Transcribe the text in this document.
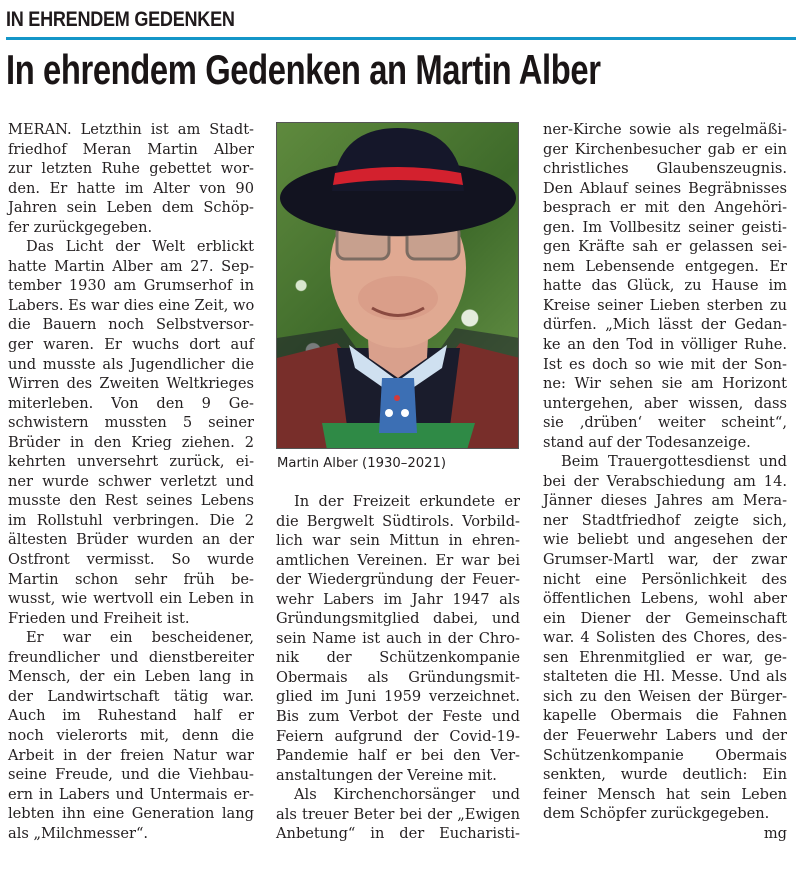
IN EHRENDEM GEDENKEN
In ehrendem Gedenken an Martin Alber
MERAN. Letzthin ist am Stadt-
friedhof Meran Martin Alber
zur letzten Ruhe gebettet wor-
den. Er hatte im Alter von 90
Jahren sein Leben dem Schöp-
fer zurückgegeben.
Das Licht der Welt erblickt
hatte Martin Alber am 27. Sep-
tember 1930 am Grumserhof in
Labers. Es war dies eine Zeit, wo
die Bauern noch Selbstversor-
ger waren. Er wuchs dort auf
und musste als Jugendlicher die
Wirren des Zweiten Weltkrieges
miterleben. Von den 9 Ge-
schwistern mussten 5 seiner
Brüder in den Krieg ziehen. 2
kehrten unversehrt zurück, ei-
ner wurde schwer verletzt und
musste den Rest seines Lebens
im Rollstuhl verbringen. Die 2
ältesten Brüder wurden an der
Ostfront vermisst. So wurde
Martin schon sehr früh be-
wusst, wie wertvoll ein Leben in
Frieden und Freiheit ist.
Er war ein bescheidener,
freundlicher und dienstbereiter
Mensch, der ein Leben lang in
der Landwirtschaft tätig war.
Auch im Ruhestand half er
noch vielerorts mit, denn die
Arbeit in der freien Natur war
seine Freude, und die Viehbau-
ern in Labers und Untermais er-
lebten ihn eine Generation lang
als „Milchmesser“.
Martin Alber (1930–2021)
In der Freizeit erkundete er
die Bergwelt Südtirols. Vorbild-
lich war sein Mittun in ehren-
amtlichen Vereinen. Er war bei
der Wiedergründung der Feuer-
wehr Labers im Jahr 1947 als
Gründungsmitglied dabei, und
sein Name ist auch in der Chro-
nik der Schützenkompanie
Obermais als Gründungsmit-
glied im Juni 1959 verzeichnet.
Bis zum Verbot der Feste und
Feiern aufgrund der Covid-19-
Pandemie half er bei den Ver-
anstaltungen der Vereine mit.
Als Kirchenchorsänger und
als treuer Beter bei der „Ewigen
Anbetung“ in der Eucharisti-
ner-Kirche sowie als regelmäßi-
ger Kirchenbesucher gab er ein
christliches Glaubenszeugnis.
Den Ablauf seines Begräbnisses
besprach er mit den Angehöri-
gen. Im Vollbesitz seiner geisti-
gen Kräfte sah er gelassen sei-
nem Lebensende entgegen. Er
hatte das Glück, zu Hause im
Kreise seiner Lieben sterben zu
dürfen. „Mich lässt der Gedan-
ke an den Tod in völliger Ruhe.
Ist es doch so wie mit der Son-
ne: Wir sehen sie am Horizont
untergehen, aber wissen, dass
sie ‚drüben‘ weiter scheint“,
stand auf der Todesanzeige.
Beim Trauergottesdienst und
bei der Verabschiedung am 14.
Jänner dieses Jahres am Mera-
ner Stadtfriedhof zeigte sich,
wie beliebt und angesehen der
Grumser-Martl war, der zwar
nicht eine Persönlichkeit des
öffentlichen Lebens, wohl aber
ein Diener der Gemeinschaft
war. 4 Solisten des Chores, des-
sen Ehrenmitglied er war, ge-
stalteten die Hl. Messe. Und als
sich zu den Weisen der Bürger-
kapelle Obermais die Fahnen
der Feuerwehr Labers und der
Schützenkompanie Obermais
senkten, wurde deutlich: Ein
feiner Mensch hat sein Leben
dem Schöpfer zurückgegeben.
mg
